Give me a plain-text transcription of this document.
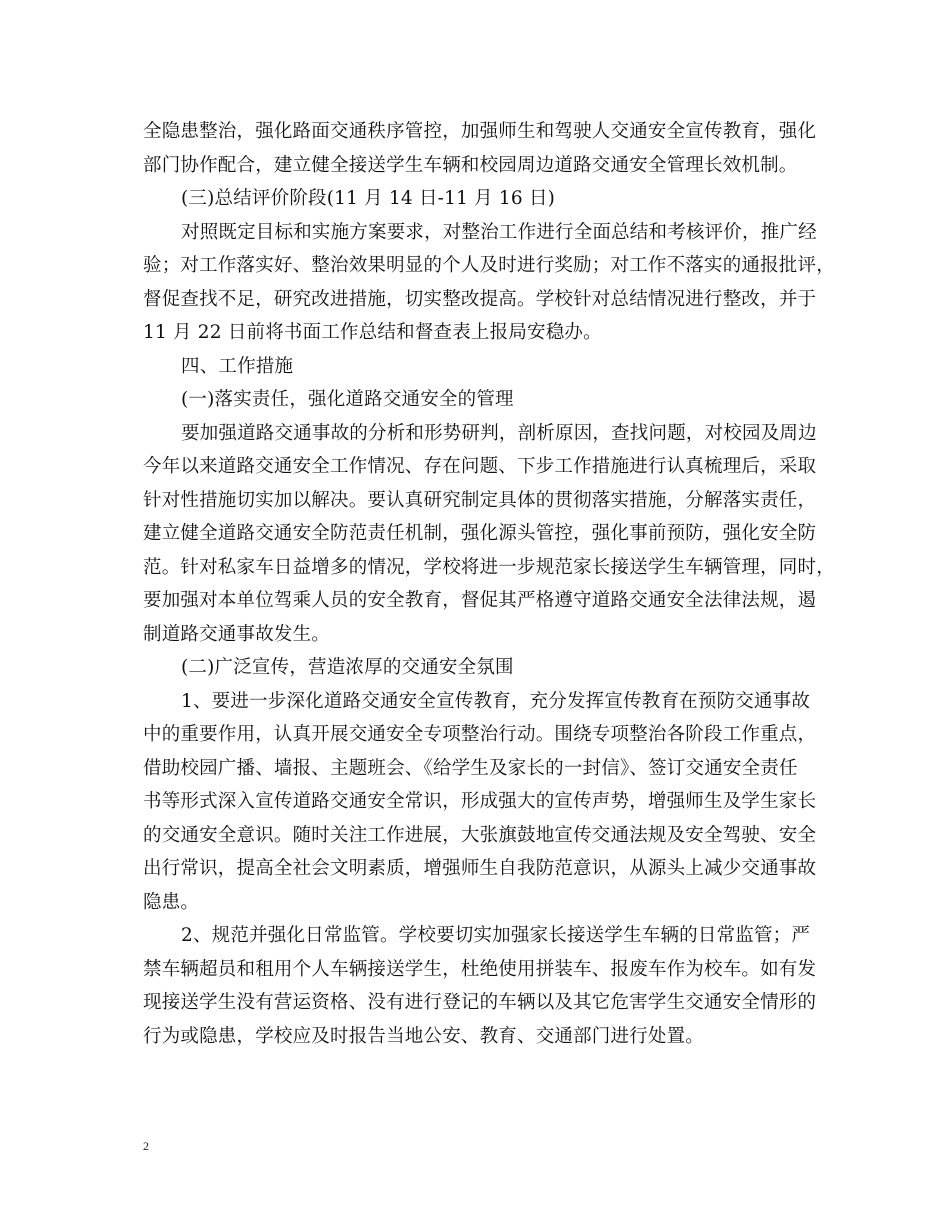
全隐患整治，强化路面交通秩序管控，加强师生和驾驶人交通安全宣传教育，强化
部门协作配合，建立健全接送学生车辆和校园周边道路交通安全管理长效机制。

(三)总结评价阶段(11 月 14 日-11 月 16 日)

对照既定目标和实施方案要求，对整治工作进行全面总结和考核评价，推广经
验；对工作落实好、整治效果明显的个人及时进行奖励；对工作不落实的通报批评，
督促查找不足，研究改进措施，切实整改提高。学校针对总结情况进行整改，并于
11 月 22 日前将书面工作总结和督查表上报局安稳办。

四、工作措施

(一)落实责任，强化道路交通安全的管理

要加强道路交通事故的分析和形势研判，剖析原因，查找问题，对校园及周边
今年以来道路交通安全工作情况、存在问题、下步工作措施进行认真梳理后，采取
针对性措施切实加以解决。要认真研究制定具体的贯彻落实措施，分解落实责任，
建立健全道路交通安全防范责任机制，强化源头管控，强化事前预防，强化安全防
范。针对私家车日益增多的情况，学校将进一步规范家长接送学生车辆管理，同时，
要加强对本单位驾乘人员的安全教育，督促其严格遵守道路交通安全法律法规，遏
制道路交通事故发生。

(二)广泛宣传，营造浓厚的交通安全氛围

1、要进一步深化道路交通安全宣传教育，充分发挥宣传教育在预防交通事故
中的重要作用，认真开展交通安全专项整治行动。围绕专项整治各阶段工作重点，
借助校园广播、墙报、主题班会、《给学生及家长的一封信》、签订交通安全责任
书等形式深入宣传道路交通安全常识，形成强大的宣传声势，增强师生及学生家长
的交通安全意识。随时关注工作进展，大张旗鼓地宣传交通法规及安全驾驶、安全
出行常识，提高全社会文明素质，增强师生自我防范意识，从源头上减少交通事故
隐患。

2、规范并强化日常监管。学校要切实加强家长接送学生车辆的日常监管；严
禁车辆超员和租用个人车辆接送学生，杜绝使用拼装车、报废车作为校车。如有发
现接送学生没有营运资格、没有进行登记的车辆以及其它危害学生交通安全情形的
行为或隐患，学校应及时报告当地公安、教育、交通部门进行处置。

2
